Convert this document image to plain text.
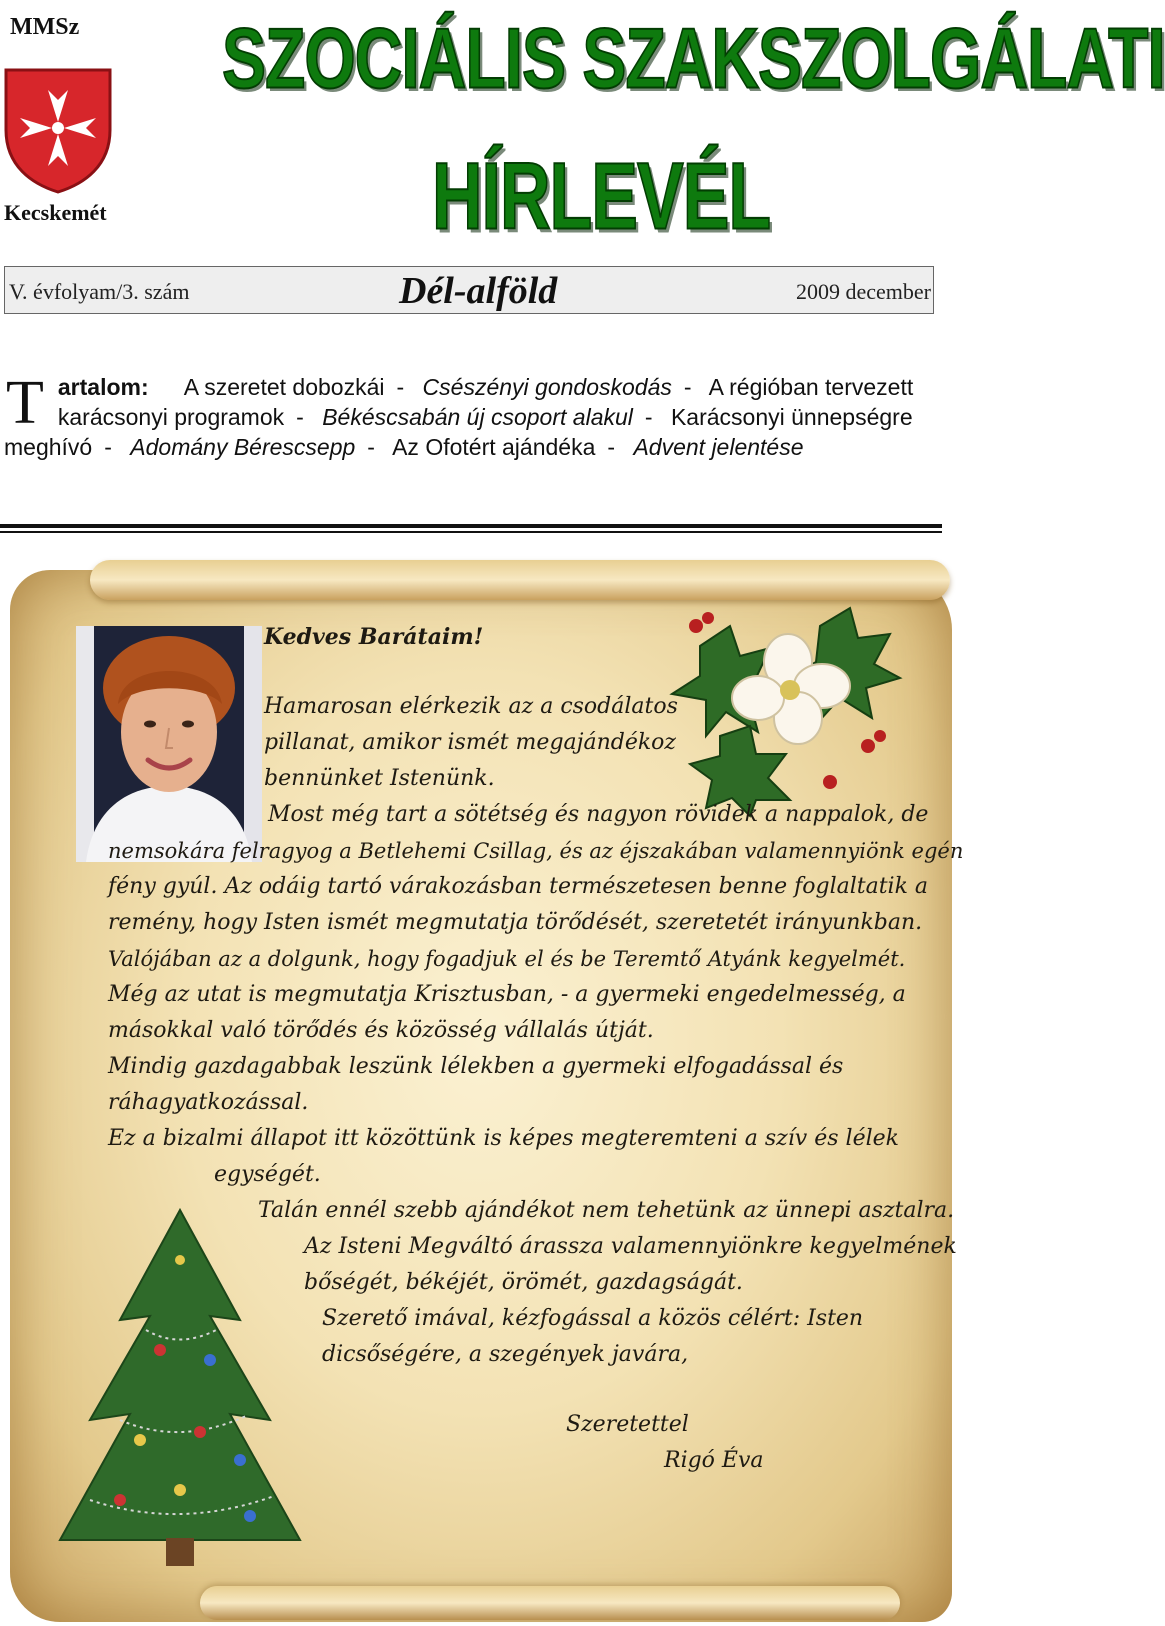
MMSz
Kecskemét
SZOCIÁLIS SZAKSZOLGÁLATI
HÍRLEVÉL
V. évfolyam/3. szám	Dél-alföld	2009 december
T artalom: A szeretet dobozkái - Csészényi gondoskodás - A régióban tervezett karácsonyi programok - Békéscsabán új csoport alakul - Karácsonyi ünnepségre meghívó - Adomány Bérescsepp - Az Ofotért ajándéka - Advent jelentése
Kedves Barátaim!
Hamarosan elérkezik az a csodálatos
pillanat, amikor ismét megajándékoz
bennünket Istenünk.
Most még tart a sötétség és nagyon rövidek a nappalok, de
nemsokára felragyog a Betlehemi Csillag, és az éjszakában valamennyiönk egén
fény gyúl. Az odáig tartó várakozásban természetesen benne foglaltatik a
remény, hogy Isten ismét megmutatja törődését, szeretetét irányunkban.
Valójában az a dolgunk, hogy fogadjuk el és be Teremtő Atyánk kegyelmét.
Még az utat is megmutatja Krisztusban, - a gyermeki engedelmesség, a
másokkal való törődés és közösség vállalás útját.
Mindig gazdagabbak leszünk lélekben a gyermeki elfogadással és
ráhagyatkozással.
Ez a bizalmi állapot itt közöttünk is képes megteremteni a szív és lélek
egységét.
Talán ennél szebb ajándékot nem tehetünk az ünnepi asztalra.
Az Isteni Megváltó árassza valamennyiönkre kegyelmének
bőségét, békéjét, örömét, gazdagságát.
Szerető imával, kézfogással a közös célért: Isten
dicsőségére, a szegények javára,
Szeretettel
Rigó Éva
